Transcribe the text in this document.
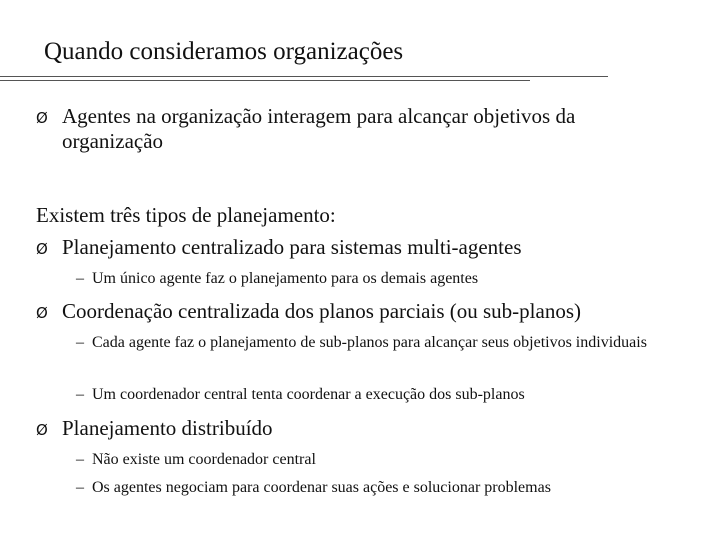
Quando consideramos organizações
Ø Agentes na organização interagem para alcançar objetivos da
organização
Existem três tipos de planejamento:
Ø Planejamento centralizado para sistemas multi-agentes
– Um único agente faz o planejamento para os demais agentes
Ø Coordenação centralizada dos planos parciais (ou sub-planos)
– Cada agente faz o planejamento de sub-planos para alcançar seus objetivos individuais
– Um coordenador central tenta coordenar a execução dos sub-planos
Ø Planejamento distribuído
– Não existe um coordenador central
– Os agentes negociam para coordenar suas ações e solucionar problemas
